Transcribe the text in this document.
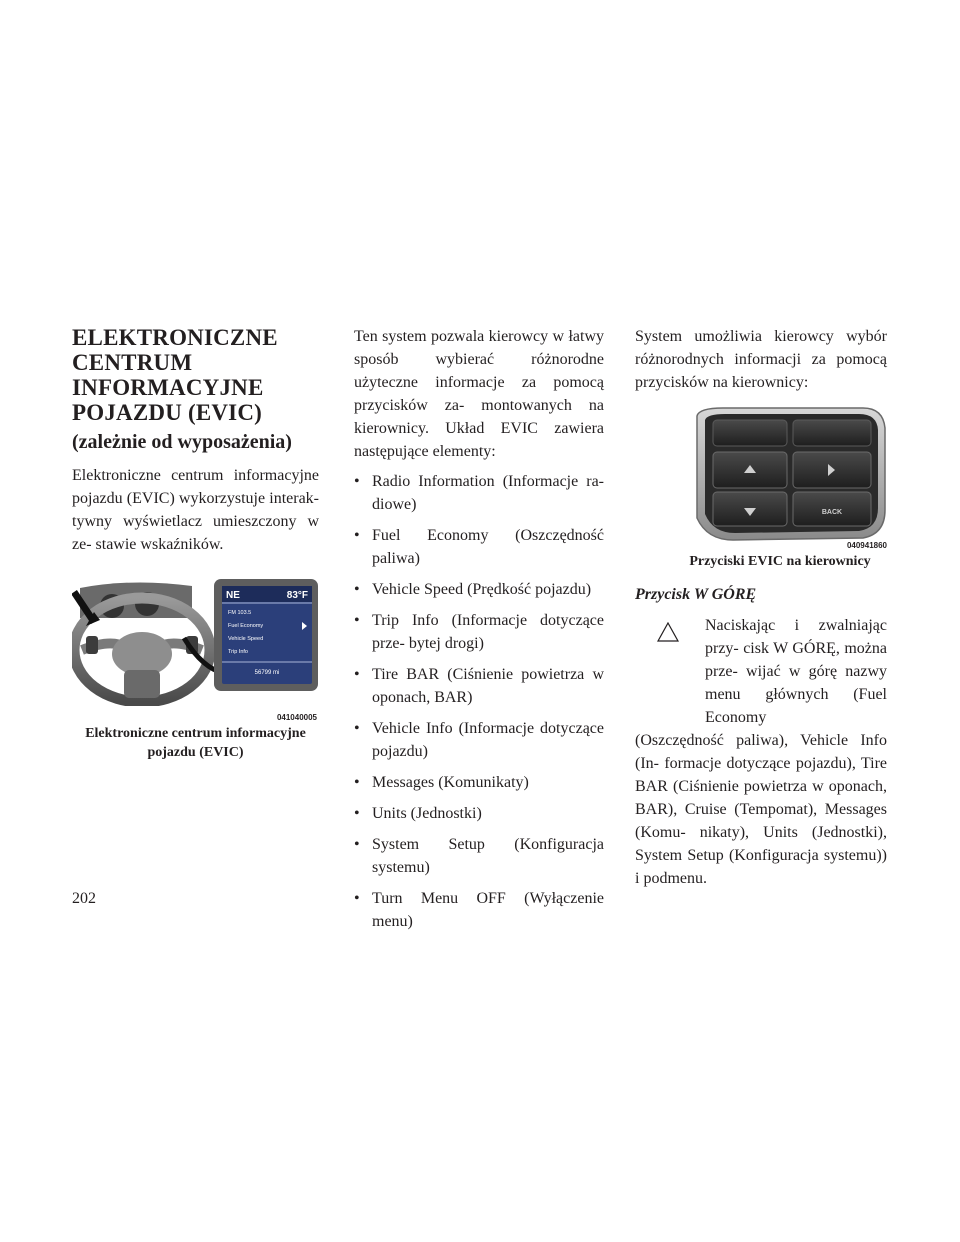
ELEKTRONICZNE
CENTRUM
INFORMACYJNE
POJAZDU (EVIC)
(zależnie od wyposażenia)

Elektroniczne centrum informacyjne pojazdu (EVIC) wykorzystuje interak- tywny wyświetlacz umieszczony w ze- stawie wskaźników.

NE	83°F
FM 103.5
Fuel Economy
Vehicle Speed
Trip Info
56799 mi
041040005
Elektroniczne centrum informacyjne
pojazdu (EVIC)

Ten system pozwala kierowcy w łatwy sposób wybierać różnorodne użyteczne informacje za pomocą przycisków za- montowanych na kierownicy. Układ EVIC zawiera następujące elementy:

• Radio Information (Informacje ra- diowe)
• Fuel Economy (Oszczędność paliwa)
• Vehicle Speed (Prędkość pojazdu)
• Trip Info (Informacje dotyczące prze- bytej drogi)
• Tire BAR (Ciśnienie powietrza w oponach, BAR)
• Vehicle Info (Informacje dotyczące pojazdu)
• Messages (Komunikaty)
• Units (Jednostki)
• System Setup (Konfiguracja systemu)
• Turn Menu OFF (Wyłączenie menu)

System umożliwia kierowcy wybór różnorodnych informacji za pomocą przycisków na kierownicy:

BACK
040941860
Przyciski EVIC na kierownicy
Przycisk W GÓRĘ

Naciskając i zwalniając przy- cisk W GÓRĘ, można prze- wijać w górę nazwy menu głównych (Fuel Economy

(Oszczędność paliwa), Vehicle Info (In- formacje dotyczące pojazdu), Tire BAR (Ciśnienie powietrza w oponach, BAR), Cruise (Tempomat), Messages (Komu- nikaty), Units (Jednostki), System Setup (Konfiguracja systemu)) i podmenu.

202
